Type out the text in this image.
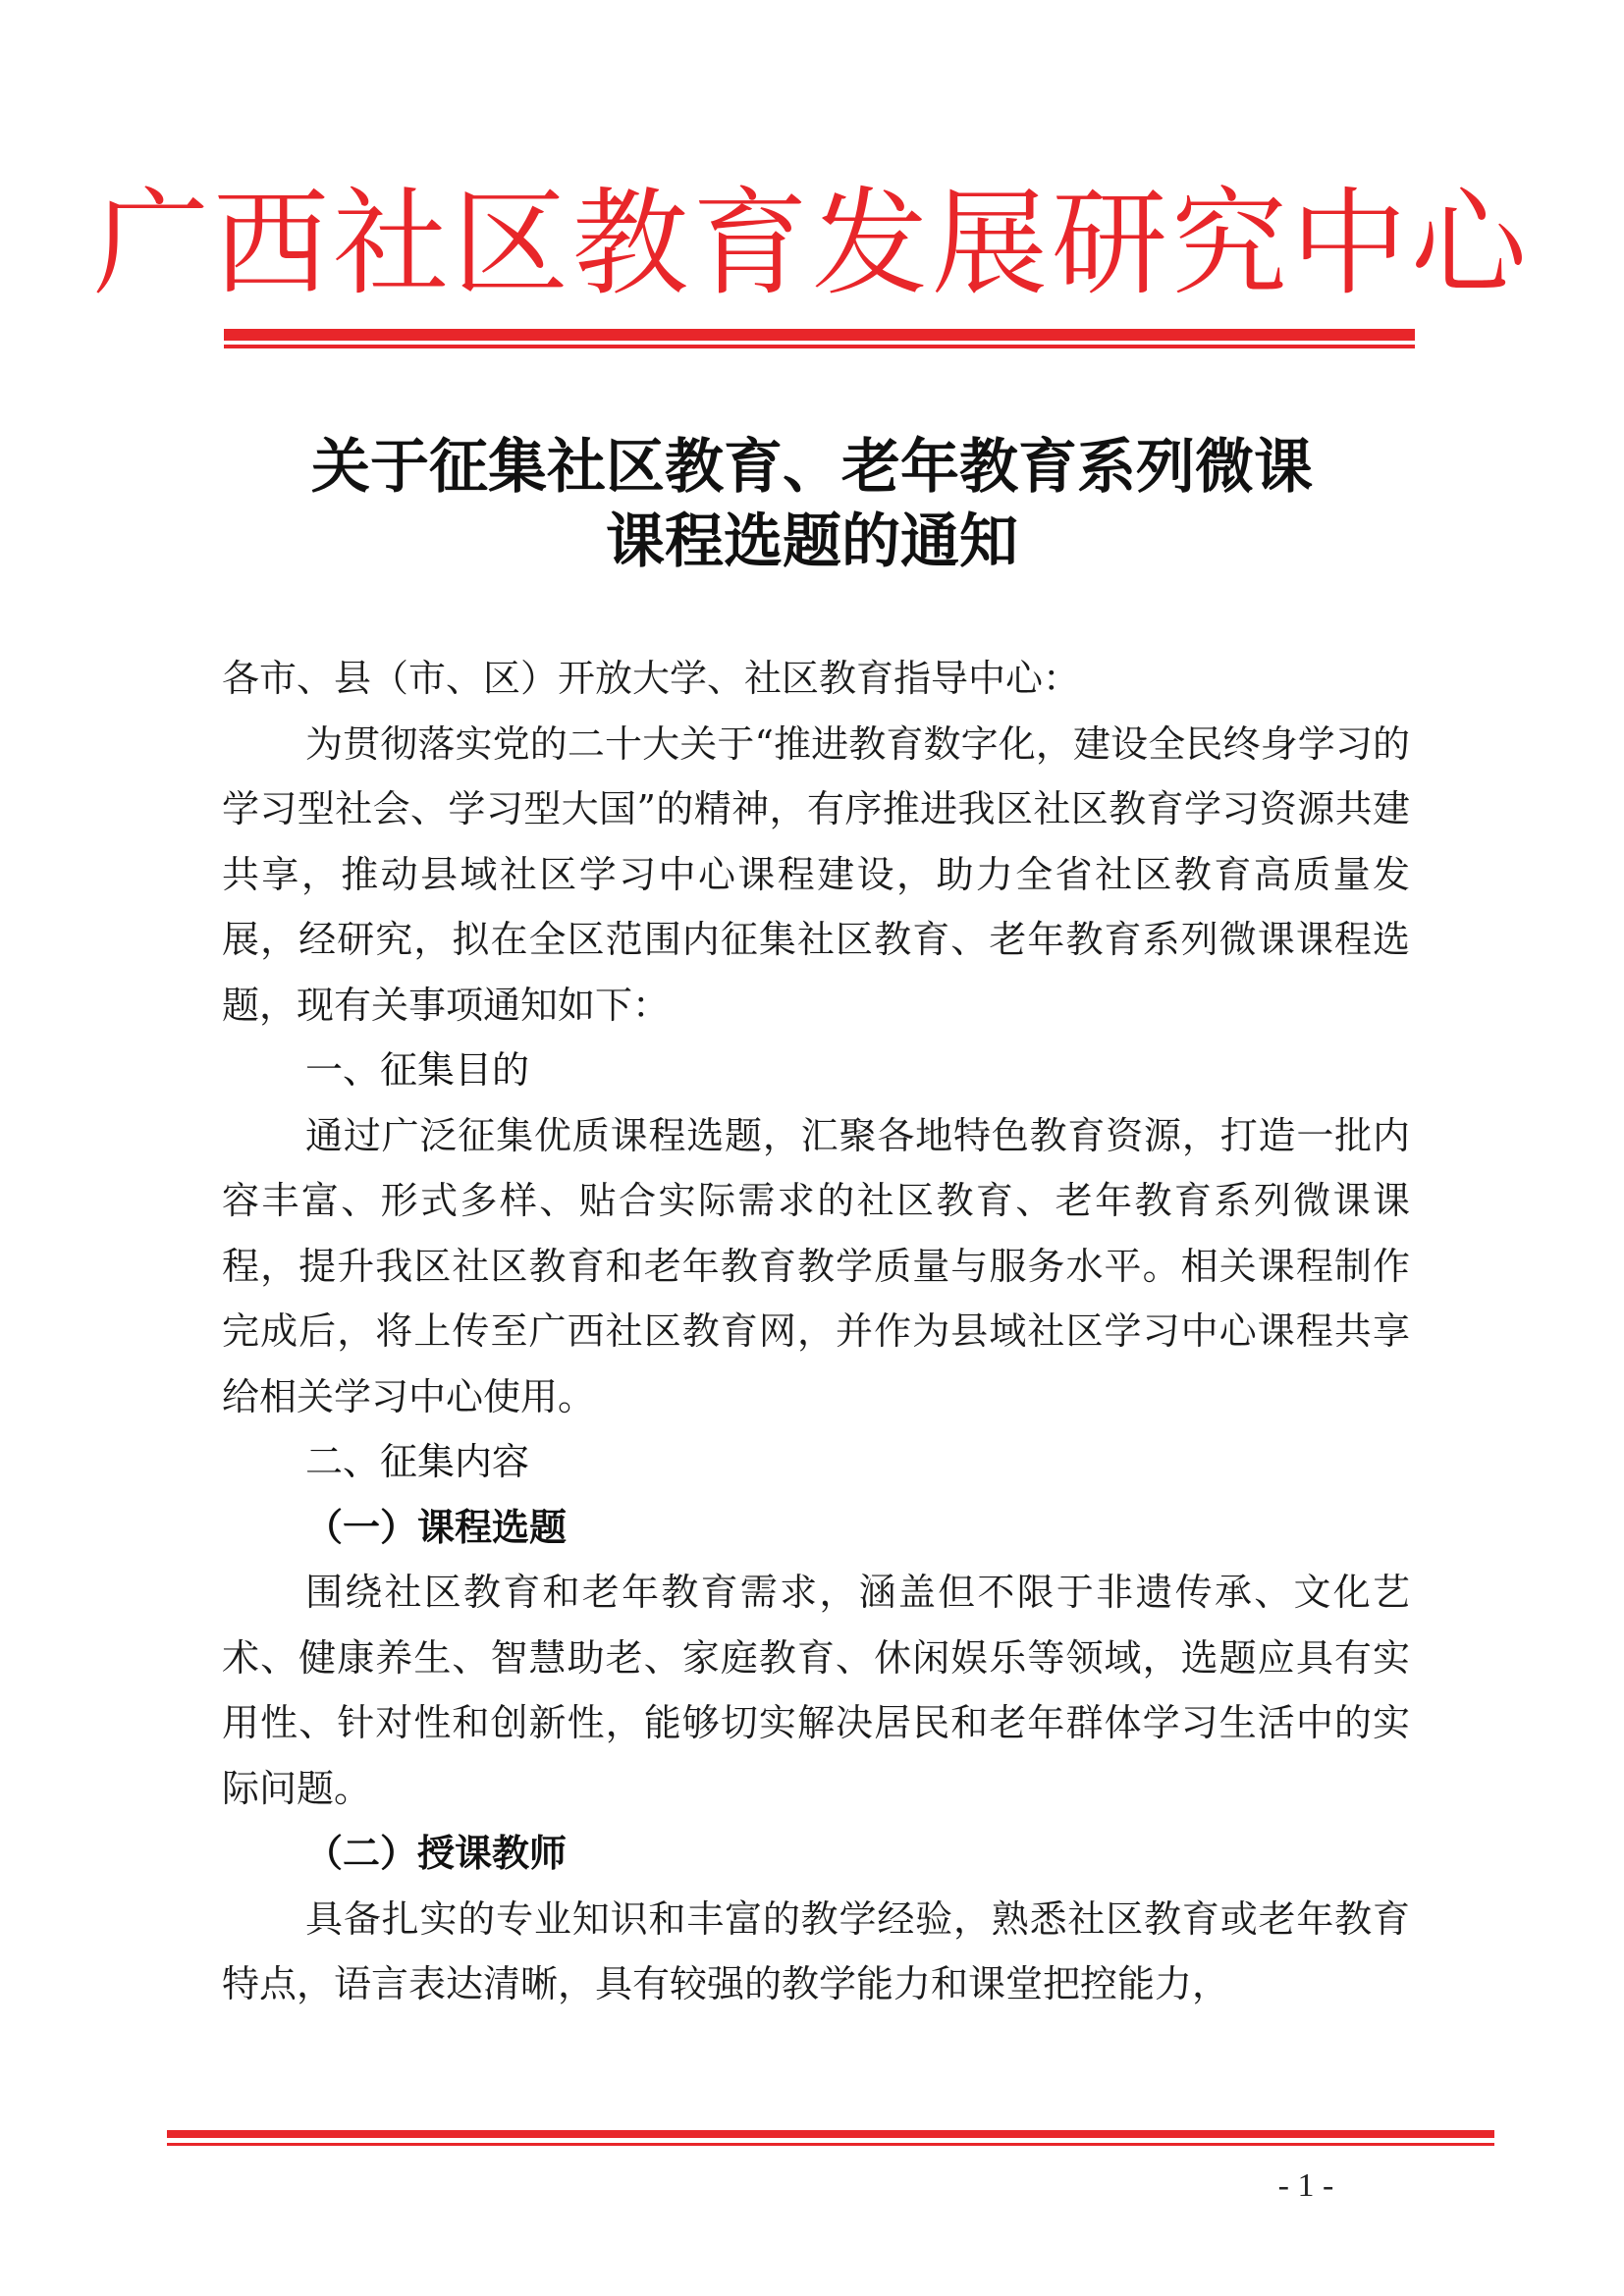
广西社区教育发展研究中心
关于征集社区教育、老年教育系列微课
课程选题的通知

各市、县（市、区）开放大学、社区教育指导中心：

为贯彻落实党的二十大关于“推进教育数字化，建设全民终身学习的学习型社会、学习型大国”的精神，有序推进我区社区教育学习资源共建共享，推动县域社区学习中心课程建设，助力全省社区教育高质量发展，经研究，拟在全区范围内征集社区教育、老年教育系列微课课程选题，现有关事项通知如下：

一、征集目的

通过广泛征集优质课程选题，汇聚各地特色教育资源，打造一批内容丰富、形式多样、贴合实际需求的社区教育、老年教育系列微课课程，提升我区社区教育和老年教育教学质量与服务水平。相关课程制作完成后，将上传至广西社区教育网，并作为县域社区学习中心课程共享给相关学习中心使用。

二、征集内容

（一）课程选题

围绕社区教育和老年教育需求，涵盖但不限于非遗传承、文化艺术、健康养生、智慧助老、家庭教育、休闲娱乐等领域，选题应具有实用性、针对性和创新性，能够切实解决居民和老年群体学习生活中的实际问题。

（二）授课教师

具备扎实的专业知识和丰富的教学经验，熟悉社区教育或老年教育特点，语言表达清晰，具有较强的教学能力和课堂把控能力，

- 1 -
